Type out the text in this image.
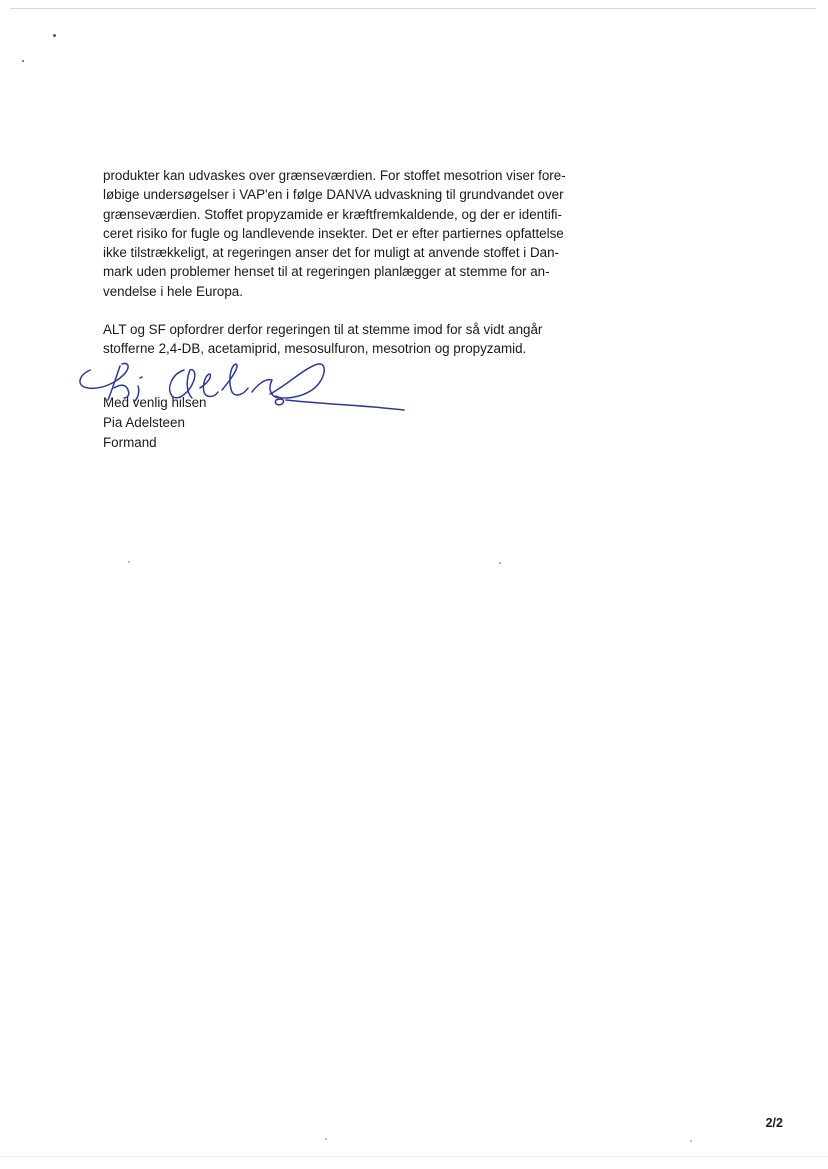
produkter kan udvaskes over grænseværdien. For stoffet mesotrion viser fore-
løbige undersøgelser i VAP'en i følge DANVA udvaskning til grundvandet over
grænseværdien. Stoffet propyzamide er kræftfremkaldende, og der er identifi-
ceret risiko for fugle og landlevende insekter. Det er efter partiernes opfattelse
ikke tilstrækkeligt, at regeringen anser det for muligt at anvende stoffet i Dan-
mark uden problemer henset til at regeringen planlægger at stemme for an-
vendelse i hele Europa.

ALT og SF opfordrer derfor regeringen til at stemme imod for så vidt angår
stofferne 2,4-DB, acetamiprid, mesosulfuron, mesotrion og propyzamid.

Med venlig hilsen
Pia Adelsteen
Formand
2/2
